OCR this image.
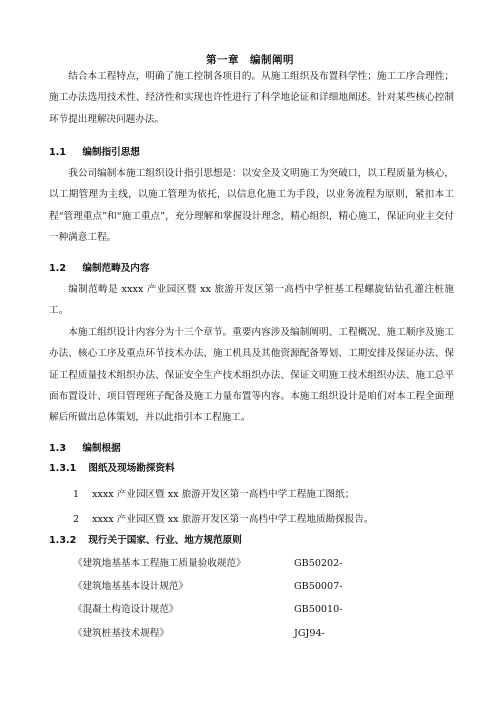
第一章　编制阐明

结合本工程特点，明确了施工控制各项目的。从施工组织及布置科学性；施工工序合理性；施工办法选用技术性、经济性和实现也许性进行了科学地论证和详细地阐述。针对某些核心控制环节提出理解决问题办法。

1.1 编制指引思想

我公司编制本施工组织设计指引思想是：以安全及文明施工为突破口，以工程质量为核心，以工期管理为主线，以施工管理为依托，以信息化施工为手段，以业务流程为原则，紧扣本工程“管理重点”和“施工重点”，充分理解和掌握设计理念，精心组织，精心施工，保证向业主交付一种满意工程。

1.2 编制范畴及内容

编制范畴是 xxxx 产业园区暨 xx 旅游开发区第一高档中学桩基工程螺旋钻钻孔灌注桩施工。

本施工组织设计内容分为十三个章节。重要内容涉及编制阐明、工程概况、施工顺序及施工办法、核心工序及重点环节技术办法、施工机具及其他资源配备筹划、工期安排及保证办法、保证工程质量技术组织办法、保证安全生产技术组织办法、保证文明施工技术组织办法、施工总平面布置设计、项目管理班子配备及施工力量布置等内容。本施工组织设计是咱们对本工程全面理解后所做出总体策划，并以此指引本工程施工。

1.3 编制根据
1.3.1 图纸及现场勘探资料
1 xxxx 产业园区暨 xx 旅游开发区第一高档中学工程施工图纸；
2 xxxx 产业园区暨 xx 旅游开发区第一高档中学工程地质勘探报告。
1.3.2 现行关于国家、行业、地方规范原则
《建筑地基基本工程施工质量验收规范》	GB50202-
《建筑地基基本设计规范》	GB50007-
《混凝土构造设计规范》	GB50010-
《建筑桩基技术规程》	JGJ94-
